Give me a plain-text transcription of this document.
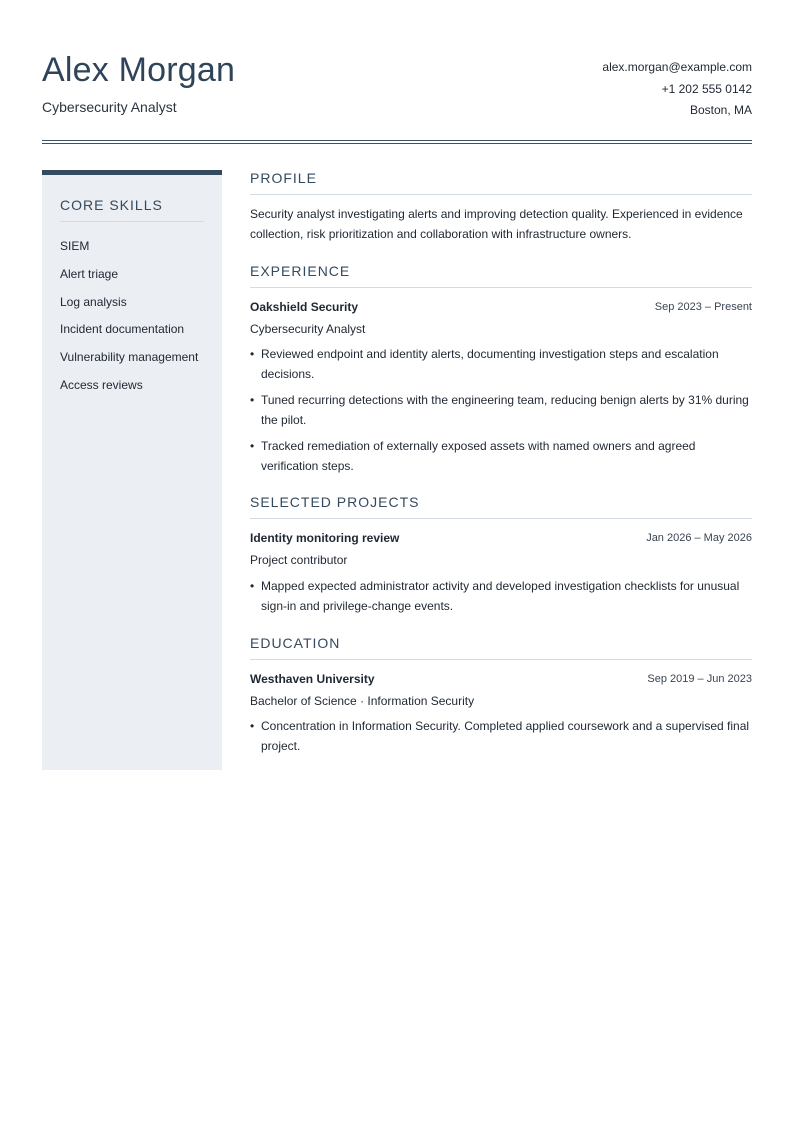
Alex Morgan
Cybersecurity Analyst
alex.morgan@example.com
+1 202 555 0142
Boston, MA
CORE SKILLS
SIEM
Alert triage
Log analysis
Incident documentation
Vulnerability management
Access reviews
PROFILE
Security analyst investigating alerts and improving detection quality. Experienced in evidence collection, risk prioritization and collaboration with infrastructure owners.
EXPERIENCE
Oakshield Security	Sep 2023 – Present
Cybersecurity Analyst
• Reviewed endpoint and identity alerts, documenting investigation steps and escalation decisions.
• Tuned recurring detections with the engineering team, reducing benign alerts by 31% during the pilot.
• Tracked remediation of externally exposed assets with named owners and agreed verification steps.
SELECTED PROJECTS
Identity monitoring review	Jan 2026 – May 2026
Project contributor
• Mapped expected administrator activity and developed investigation checklists for unusual sign-in and privilege-change events.
EDUCATION
Westhaven University	Sep 2019 – Jun 2023
Bachelor of Science · Information Security
• Concentration in Information Security. Completed applied coursework and a supervised final project.
